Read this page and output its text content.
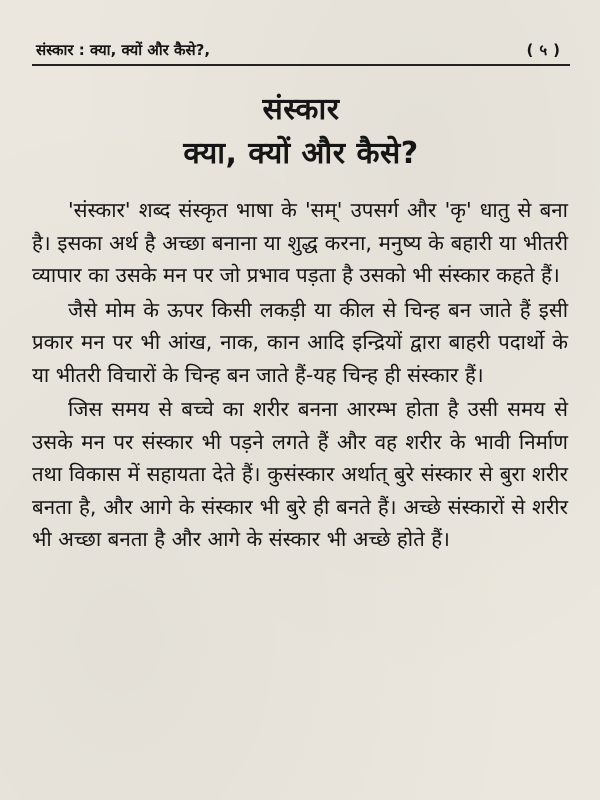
संस्कार : क्या, क्यों और कैसे?,	(५)
संस्कार
क्या, क्यों और कैसे?

'संस्कार' शब्द संस्कृत भाषा के 'सम्' उपसर्ग और 'कृ' धातु से बना है। इसका अर्थ है अच्छा बनाना या शुद्ध करना, मनुष्य के बहारी या भीतरी व्यापार का उसके मन पर जो प्रभाव पड़ता है उसको भी संस्कार कहते हैं।

जैसे मोम के ऊपर किसी लकड़ी या कील से चिन्ह बन जाते हैं इसी प्रकार मन पर भी आंख, नाक, कान आदि इन्द्रियों द्वारा बाहरी पदार्थो के या भीतरी विचारों के चिन्ह बन जाते हैं-यह चिन्ह ही संस्कार हैं।

जिस समय से बच्चे का शरीर बनना आरम्भ होता है उसी समय से उसके मन पर संस्कार भी पड़ने लगते हैं और वह शरीर के भावी निर्माण तथा विकास में सहायता देते हैं। कुसंस्कार अर्थात् बुरे संस्कार से बुरा शरीर बनता है, और आगे के संस्कार भी बुरे ही बनते हैं। अच्छे संस्कारों से शरीर भी अच्छा बनता है और आगे के संस्कार भी अच्छे होते हैं।
